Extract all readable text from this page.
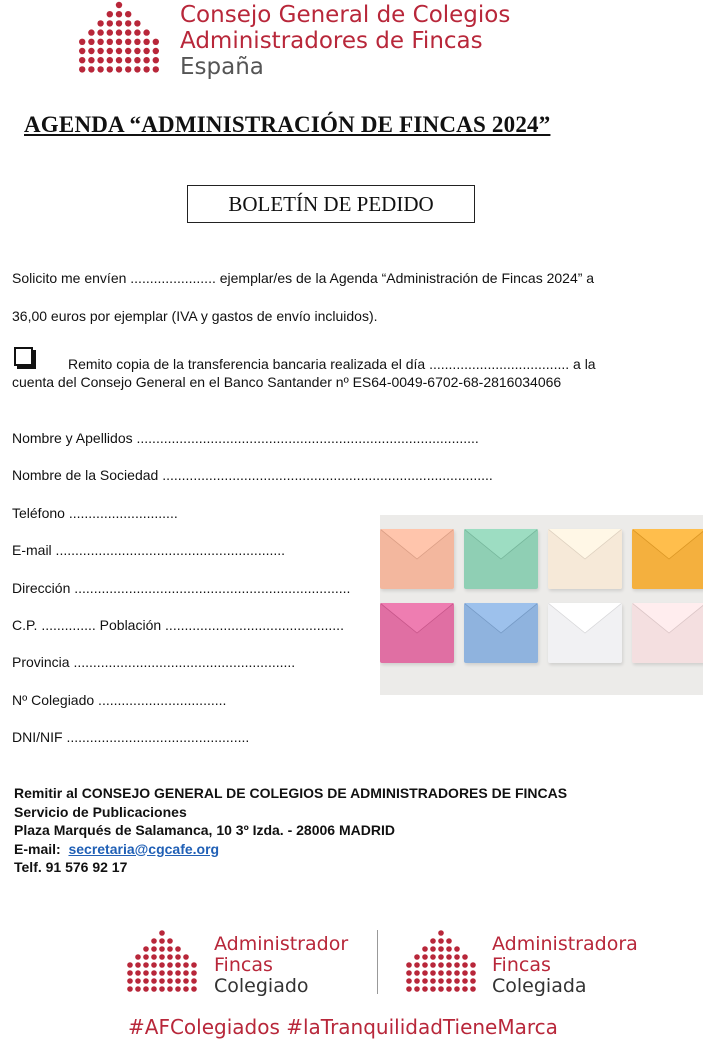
Consejo General de Colegios
Administradores de Fincas
España
AGENDA “ADMINISTRACIÓN DE FINCAS 2024”
BOLETÍN DE PEDIDO
Solicito me envíen ...................... ejemplar/es de la Agenda “Administración de Fincas 2024” a
36,00 euros por ejemplar (IVA y gastos de envío incluidos).
Remito copia de la transferencia bancaria realizada el día .................................... a la
cuenta del Consejo General en el Banco Santander nº ES64-0049-6702-68-2816034066
Nombre y Apellidos ........................................................................................
Nombre de la Sociedad .....................................................................................
Teléfono ............................
E-mail ...........................................................
Dirección .......................................................................
C.P. .............. Población ..............................................
Provincia .........................................................
Nº Colegiado .................................
DNI/NIF ...............................................
Remitir al CONSEJO GENERAL DE COLEGIOS DE ADMINISTRADORES DE FINCAS
Servicio de Publicaciones
Plaza Marqués de Salamanca, 10 3º Izda. - 28006 MADRID
E-mail: secretaria@cgcafe.org
Telf. 91 576 92 17
Administrador
Fincas
Colegiado
Administradora
Fincas
Colegiada
#AFColegiados #laTranquilidadTieneMarca
